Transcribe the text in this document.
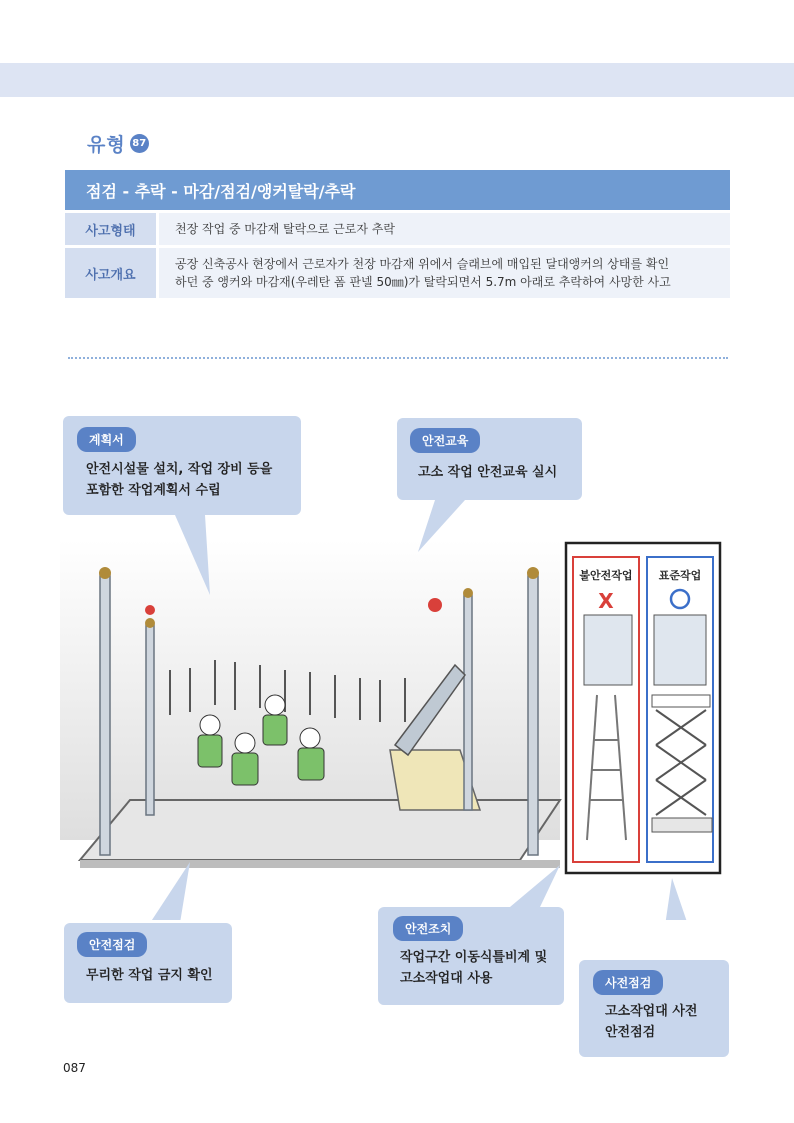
유형 87
점검 - 추락 - 마감/점검/앵커탈락/추락
사고형태	천장 작업 중 마감재 탈락으로 근로자 추락
사고개요
공장 신축공사 현장에서 근로자가 천장 마감재 위에서 슬래브에 매입된 달대앵커의 상태를 확인
하던 중 앵커와 마감재(우레탄 폼 판넬 50㎜)가 탈락되면서 5.7m 아래로 추락하여 사망한 사고
불안전작업 표준작업
X
계획서
안전시설물 설치, 작업 장비 등을
포함한 작업계획서 수립
안전교육
고소 작업 안전교육 실시
안전점검
무리한 작업 금지 확인
안전조치
작업구간 이동식틀비계 및
고소작업대 사용	사전점검
고소작업대 사전
안전점검
087
